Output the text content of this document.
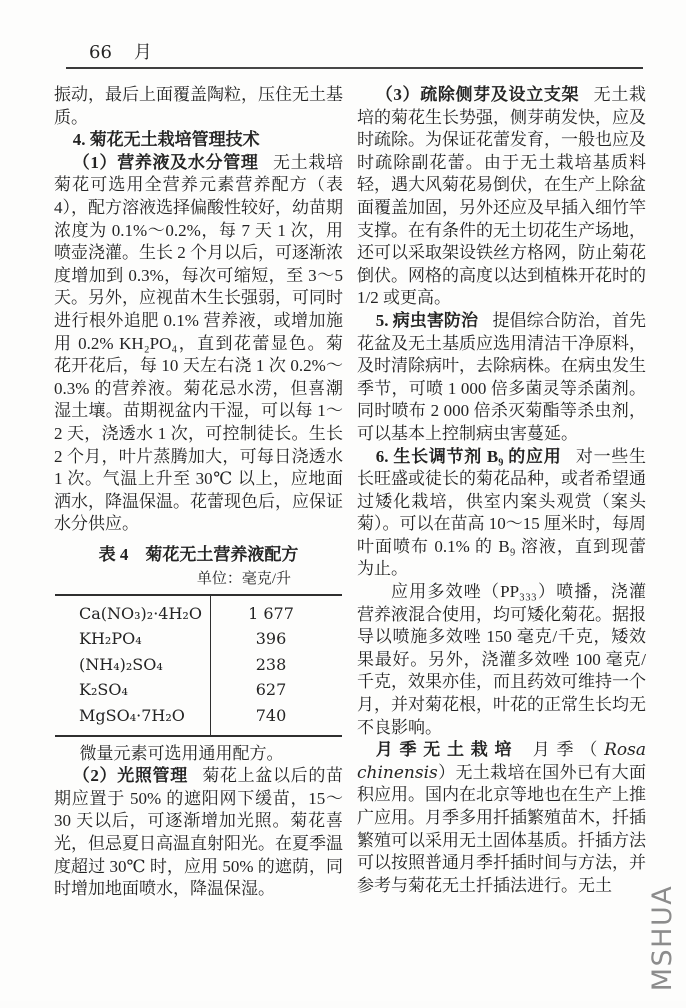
66 月

振动，最后上面覆盖陶粒，压住无土基质。

4. 菊花无土栽培管理技术

（1）营养液及水分管理 无土栽培菊花可选用全营养元素营养配方（表4），配方溶液选择偏酸性较好，幼苗期浓度为 0.1%～0.2%，每 7 天 1 次，用喷壶浇灌。生长 2 个月以后，可逐渐浓度增加到 0.3%，每次可缩短，至 3～5 天。另外，应视苗木生长强弱，可同时进行根外追肥 0.1% 营养液，或增加施用 0.2% KH₂PO₄，直到花蕾显色。菊花开花后，每 10 天左右浇 1 次 0.2%～0.3% 的营养液。菊花忌水涝，但喜潮湿土壤。苗期视盆内干湿，可以每 1～2 天，浇透水 1 次，可控制徒长。生长 2 个月，叶片蒸腾加大，可每日浇透水 1 次。气温上升至 30℃ 以上，应地面洒水，降温保温。花蕾现色后，应保证水分供应。

表 4　菊花无土营养液配方

单位：毫克/升

Ca(NO₃)₂·4H₂O	1 677
KH₂PO₄	396
(NH₄)₂SO₄	238
K₂SO₄	627
MgSO₄·7H₂O	740

微量元素可选用通用配方。

（2）光照管理 菊花上盆以后的苗期应置于 50% 的遮阳网下缓苗，15～30 天以后，可逐渐增加光照。菊花喜光，但忌夏日高温直射阳光。在夏季温度超过 30℃ 时，应用 50% 的遮荫，同时增加地面喷水，降温保湿。

（3）疏除侧芽及设立支架 无土栽培的菊花生长势强，侧芽萌发快，应及时疏除。为保证花蕾发育，一般也应及时疏除副花蕾。由于无土栽培基质料轻，遇大风菊花易倒伏，在生产上除盆面覆盖加固，另外还应及早插入细竹竿支撑。在有条件的无土切花生产场地，还可以采取架设铁丝方格网，防止菊花倒伏。网格的高度以达到植株开花时的 1/2 或更高。

5. 病虫害防治 提倡综合防治，首先花盆及无土基质应选用清洁干净原料，及时清除病叶，去除病株。在病虫发生季节，可喷 1 000 倍多菌灵等杀菌剂。同时喷布 2 000 倍杀灭菊酯等杀虫剂，可以基本上控制病虫害蔓延。

6. 生长调节剂 B₉ 的应用 对一些生长旺盛或徒长的菊花品种，或者希望通过矮化栽培，供室内案头观赏（案头菊）。可以在苗高 10～15 厘米时，每周叶面喷布 0.1% 的 B₉ 溶液，直到现蕾为止。

应用多效唑（PP₃₃₃）喷播，浇灌营养液混合使用，均可矮化菊花。据报导以喷施多效唑 150 毫克/千克，矮效果最好。另外，浇灌多效唑 100 毫克/千克，效果亦佳，而且药效可维持一个月，并对菊花根，叶花的正常生长均无不良影响。

月季无土栽培 月季（Rosa chinensis）无土栽培在国外已有大面积应用。国内在北京等地也在生产上推广应用。月季多用扦插繁殖苗木，扦插繁殖可以采用无土固体基质。扦插方法可以按照普通月季扦插时间与方法，并参考与菊花无土扦插法进行。无土	MSHUA
